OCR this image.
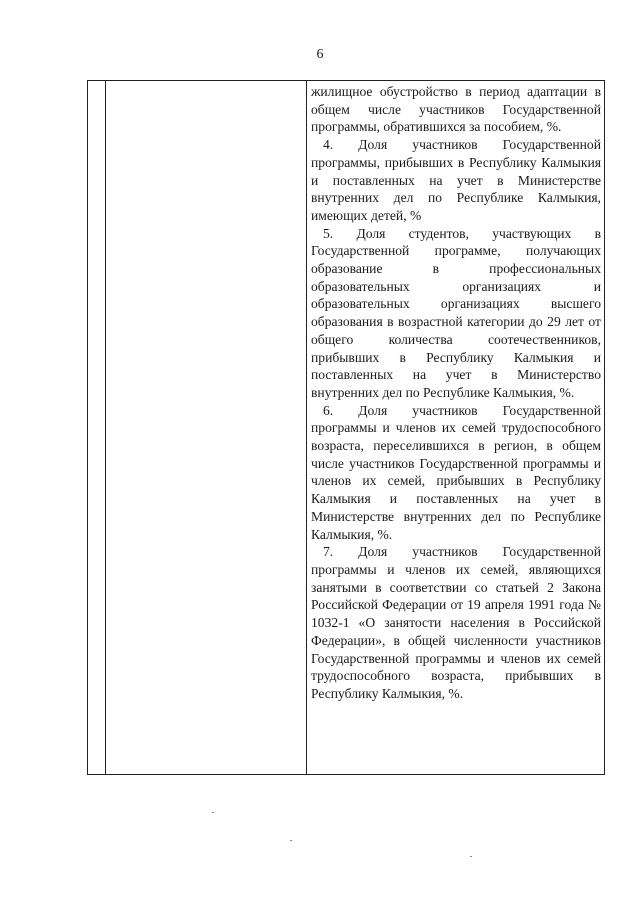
6

жилищное обустройство в период адаптации в общем числе участников Государственной программы, обратившихся за пособием, %.

4. Доля участников Государственной программы, прибывших в Республику Калмыкия и поставленных на учет в Министерстве внутренних дел по Республике Калмыкия, имеющих детей, %

5. Доля студентов, участвующих в Государственной программе, получающих образование в профессиональных образовательных организациях и образовательных организациях высшего образования в возрастной категории до 29 лет от общего количества соотечественников, прибывших в Республику Калмыкия и поставленных на учет в Министерство внутренних дел по Республике Калмыкия, %.

6. Доля участников Государственной программы и членов их семей трудоспособного возраста, переселившихся в регион, в общем числе участников Государственной программы и членов их семей, прибывших в Республику Калмыкия и поставленных на учет в Министерстве внутренних дел по Республике Калмыкия, %.

7. Доля участников Государственной программы и членов их семей, являющихся занятыми в соответствии со статьей 2 Закона Российской Федерации от 19 апреля 1991 года № 1032-1 «О занятости населения в Российской Федерации», в общей численности участников Государственной программы и членов их семей трудоспособного возраста, прибывших в Республику Калмыкия, %.
